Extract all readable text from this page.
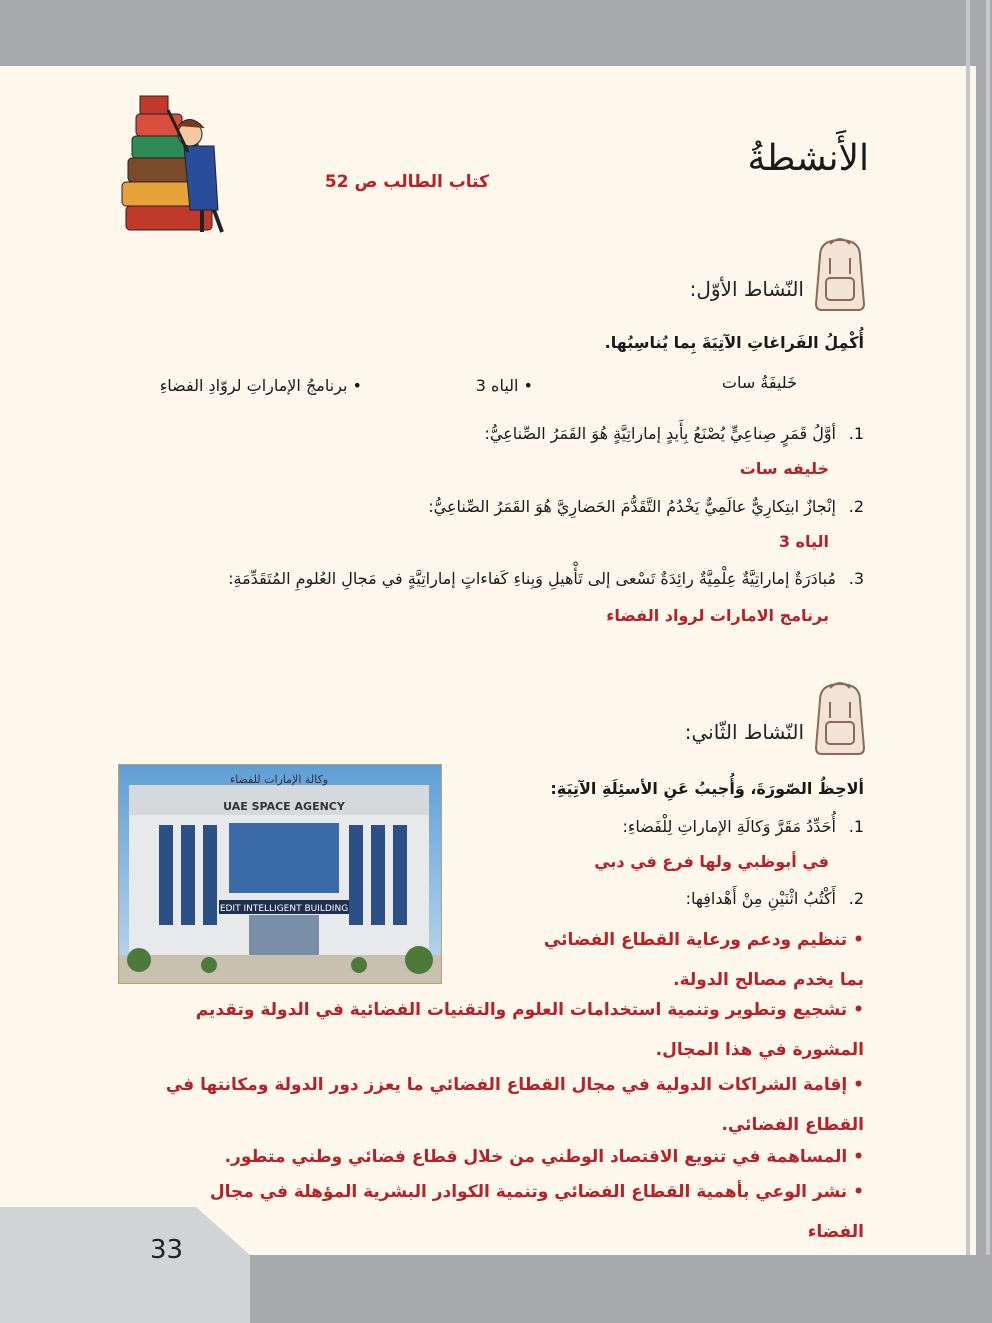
الأَنشطةُ
كتاب الطالب ص 52
النّشاط الأوّل:
أُكْمِلُ الفَراغاتِ الآتِيَةَ بِما يُناسِبُها.
خَليفَةُ سات
• الياه 3
• برنامجُ الإماراتِ لروّادِ الفضاءِ
1.أوَّلُ قَمَرٍ صِناعِيٍّ يُصْنَعُ بِأَيدٍ إماراتِيَّةٍ هُوَ القَمَرُ الصِّناعِيُّ:
خليفه سات
2.إنْجازٌ ابتِكارِيٌّ عالَمِيٌّ يَخْدُمُ التَّقَدُّمَ الحَضارِيَّ هُوَ القَمَرُ الصِّناعِيُّ:
الياه 3
3.مُبادَرَةٌ إماراتِيَّةٌ عِلْمِيَّةٌ رائِدَةٌ تَسْعى إلى تَأْهيلِ وَبِناءِ كَفاءاتٍ إماراتِيَّةٍ في مَجالِ العُلومِ المُتَقَدِّمَةِ:
برنامج الامارات لرواد الفضاء
النّشاط الثّاني:
وكالة الإمارات للفضاء
UAE SPACE AGENCY
EDIT INTELLIGENT BUILDING
ألاحِظُ الصّورَةَ، وَأُجيبُ عَنِ الأسئِلَةِ الآتِيَةِ:
1.أُحَدِّدُ مَقَرَّ وَكالَةِ الإماراتِ لِلْفَضاءِ:
في أبوظبي ولها فرع في دبي
2.أَكْتُبُ اثْنَيْنِ مِنْ أَهْدافِها:
• تنظيم ودعم ورعاية القطاع الفضائي بما يخدم مصالح الدولة.
• تشجيع وتطوير وتنمية استخدامات العلوم والتقنيات الفضائية في الدولة وتقديم المشورة في هذا المجال.
• إقامة الشراكات الدولية في مجال القطاع الفضائي ما يعزز دور الدولة ومكانتها في القطاع الفضائي.
• المساهمة في تنويع الاقتصاد الوطني من خلال قطاع فضائي وطني متطور.
• نشر الوعي بأهمية القطاع الفضائي وتنمية الكوادر البشرية المؤهلة في مجال الفضاء
33
